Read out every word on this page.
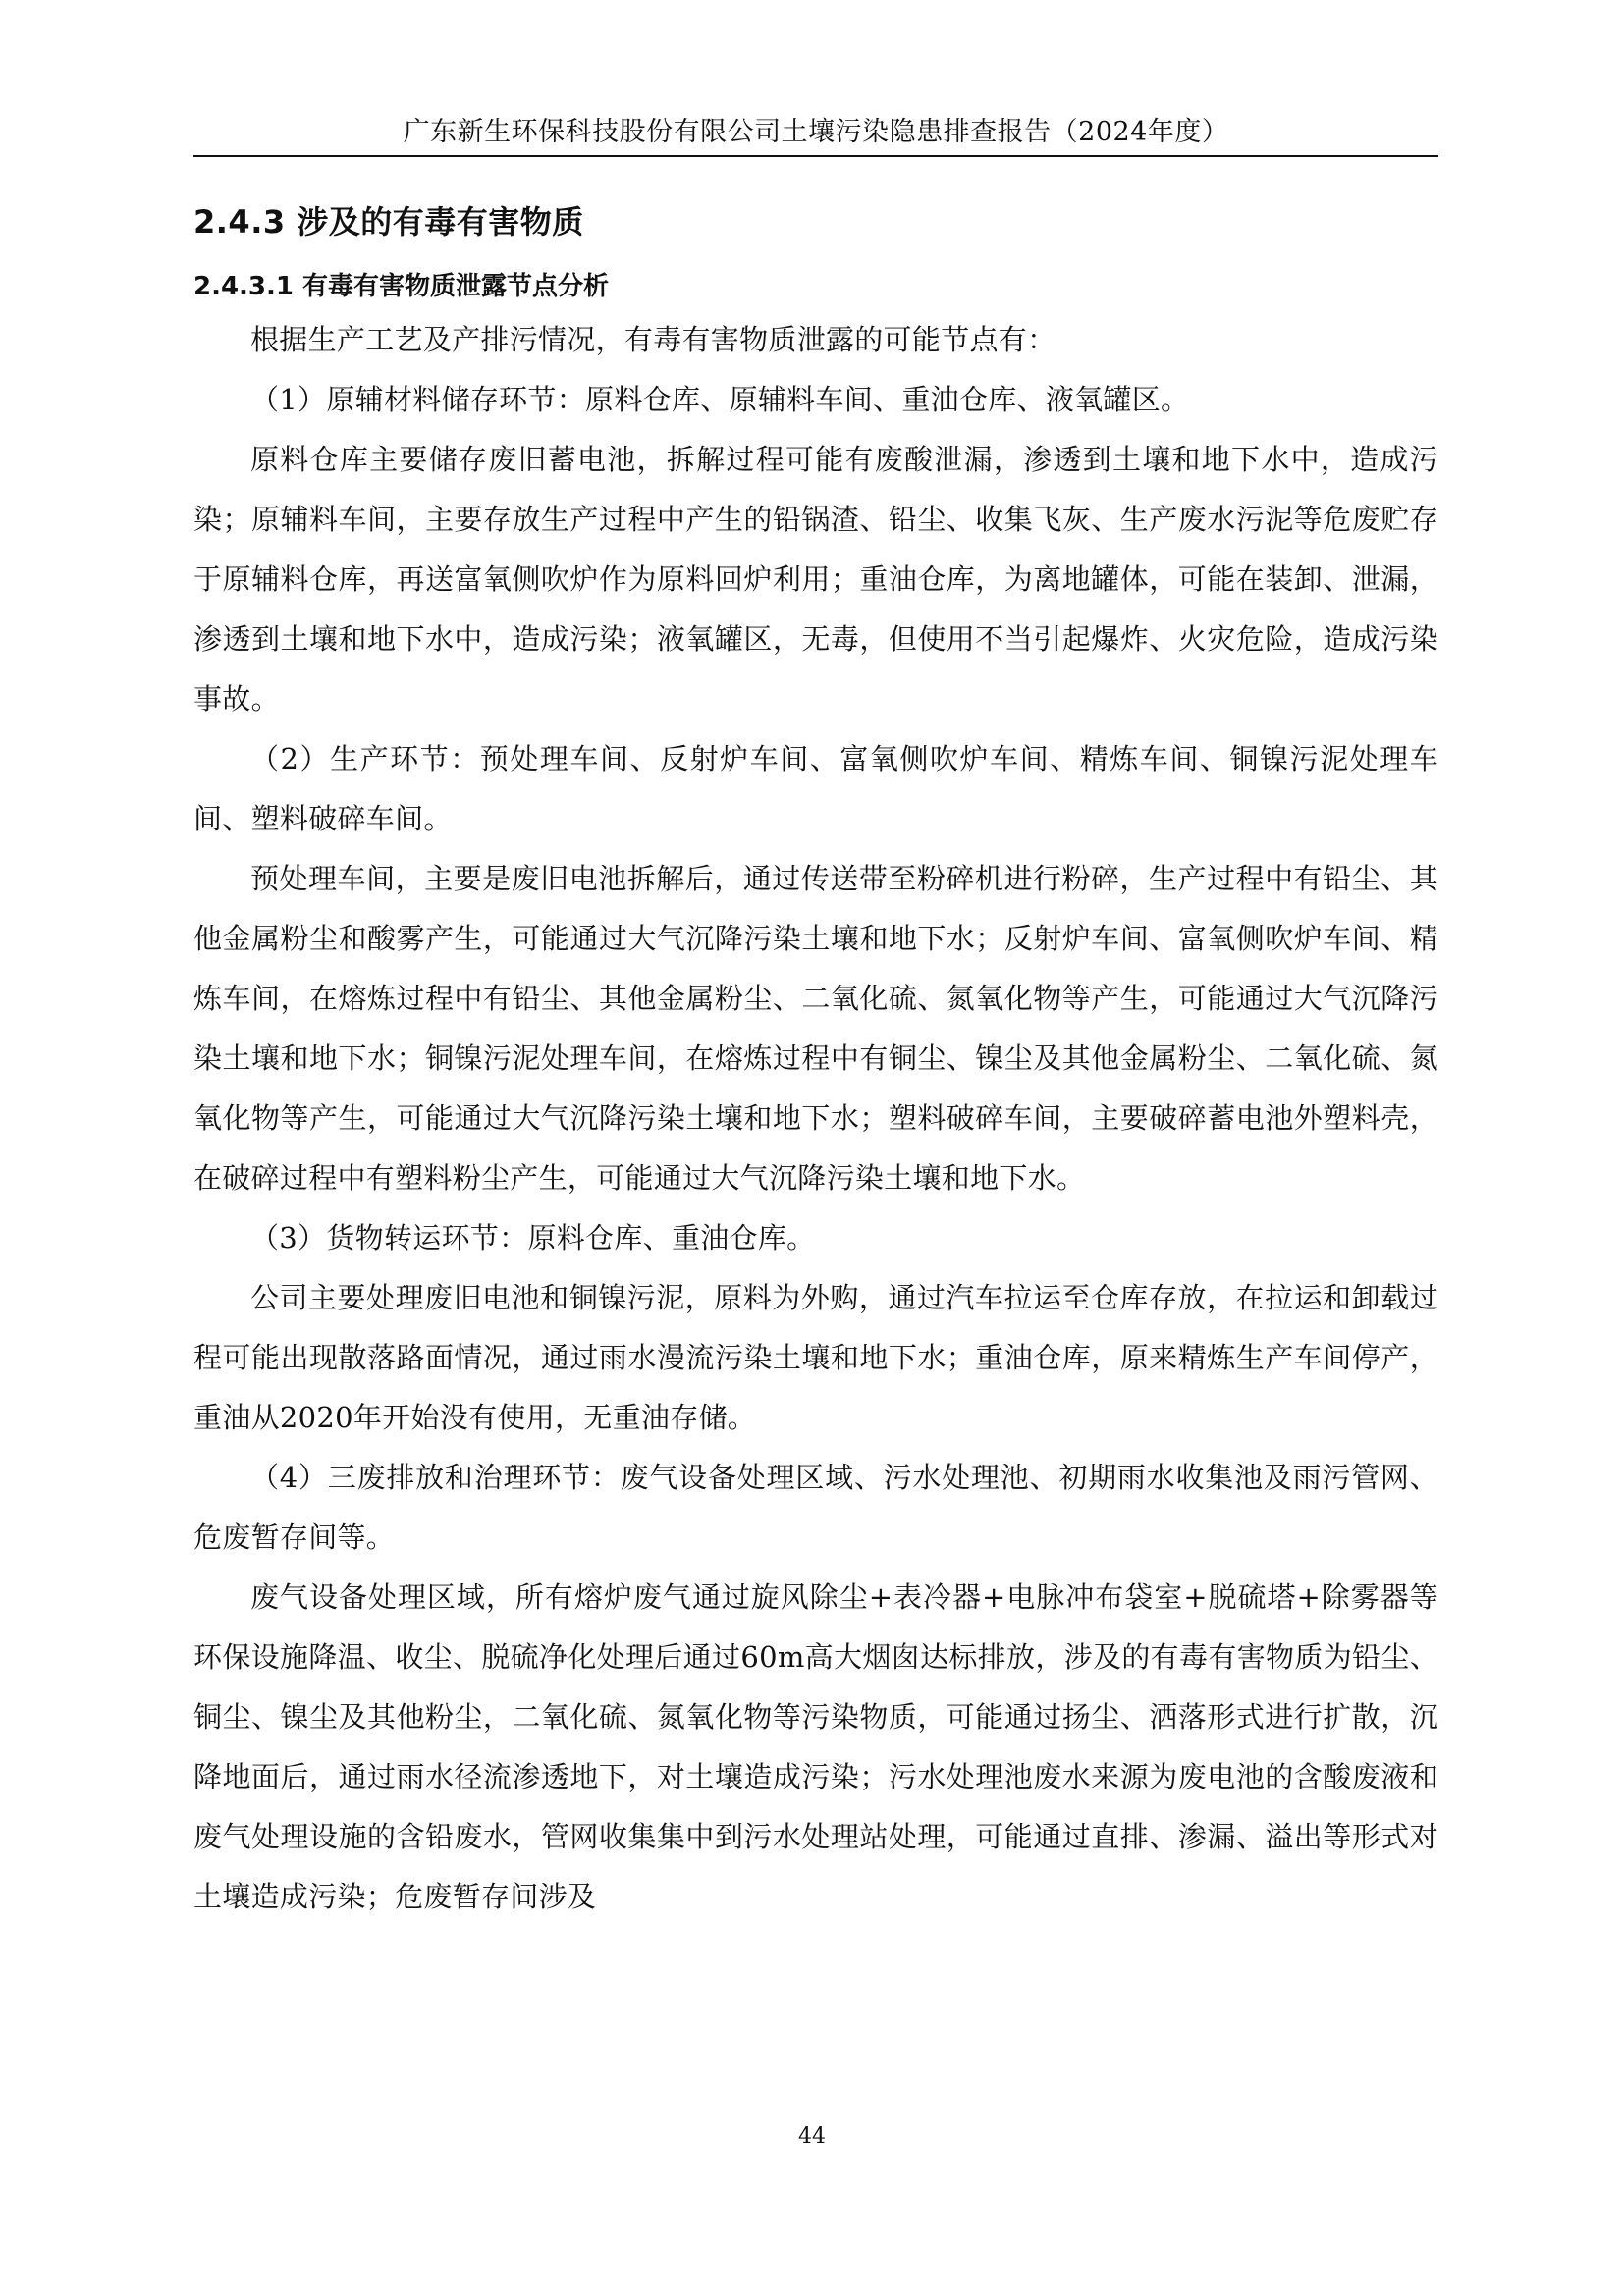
广东新生环保科技股份有限公司土壤污染隐患排查报告（2024年度）
2.4.3 涉及的有毒有害物质
2.4.3.1 有毒有害物质泄露节点分析

根据生产工艺及产排污情况，有毒有害物质泄露的可能节点有：

（1）原辅材料储存环节：原料仓库、原辅料车间、重油仓库、液氧罐区。

原料仓库主要储存废旧蓄电池，拆解过程可能有废酸泄漏，渗透到土壤和地下水中，造成污染；原辅料车间，主要存放生产过程中产生的铅锅渣、铅尘、收集飞灰、生产废水污泥等危废贮存于原辅料仓库，再送富氧侧吹炉作为原料回炉利用；重油仓库，为离地罐体，可能在装卸、泄漏，渗透到土壤和地下水中，造成污染；液氧罐区，无毒，但使用不当引起爆炸、火灾危险，造成污染事故。

（2）生产环节：预处理车间、反射炉车间、富氧侧吹炉车间、精炼车间、铜镍污泥处理车间、塑料破碎车间。

预处理车间，主要是废旧电池拆解后，通过传送带至粉碎机进行粉碎，生产过程中有铅尘、其他金属粉尘和酸雾产生，可能通过大气沉降污染土壤和地下水；反射炉车间、富氧侧吹炉车间、精炼车间，在熔炼过程中有铅尘、其他金属粉尘、二氧化硫、氮氧化物等产生，可能通过大气沉降污染土壤和地下水；铜镍污泥处理车间，在熔炼过程中有铜尘、镍尘及其他金属粉尘、二氧化硫、氮氧化物等产生，可能通过大气沉降污染土壤和地下水；塑料破碎车间，主要破碎蓄电池外塑料壳，在破碎过程中有塑料粉尘产生，可能通过大气沉降污染土壤和地下水。

（3）货物转运环节：原料仓库、重油仓库。

公司主要处理废旧电池和铜镍污泥，原料为外购，通过汽车拉运至仓库存放，在拉运和卸载过程可能出现散落路面情况，通过雨水漫流污染土壤和地下水；重油仓库，原来精炼生产车间停产，重油从2020年开始没有使用，无重油存储。

（4）三废排放和治理环节：废气设备处理区域、污水处理池、初期雨水收集池及雨污管网、危废暂存间等。

废气设备处理区域，所有熔炉废气通过旋风除尘+表冷器+电脉冲布袋室+脱硫塔+除雾器等环保设施降温、收尘、脱硫净化处理后通过60m高大烟囱达标排放，涉及的有毒有害物质为铅尘、铜尘、镍尘及其他粉尘，二氧化硫、氮氧化物等污染物质，可能通过扬尘、洒落形式进行扩散，沉降地面后，通过雨水径流渗透地下，对土壤造成污染；污水处理池废水来源为废电池的含酸废液和废气处理设施的含铅废水，管网收集集中到污水处理站处理，可能通过直排、渗漏、溢出等形式对土壤造成污染；危废暂存间涉及

44
